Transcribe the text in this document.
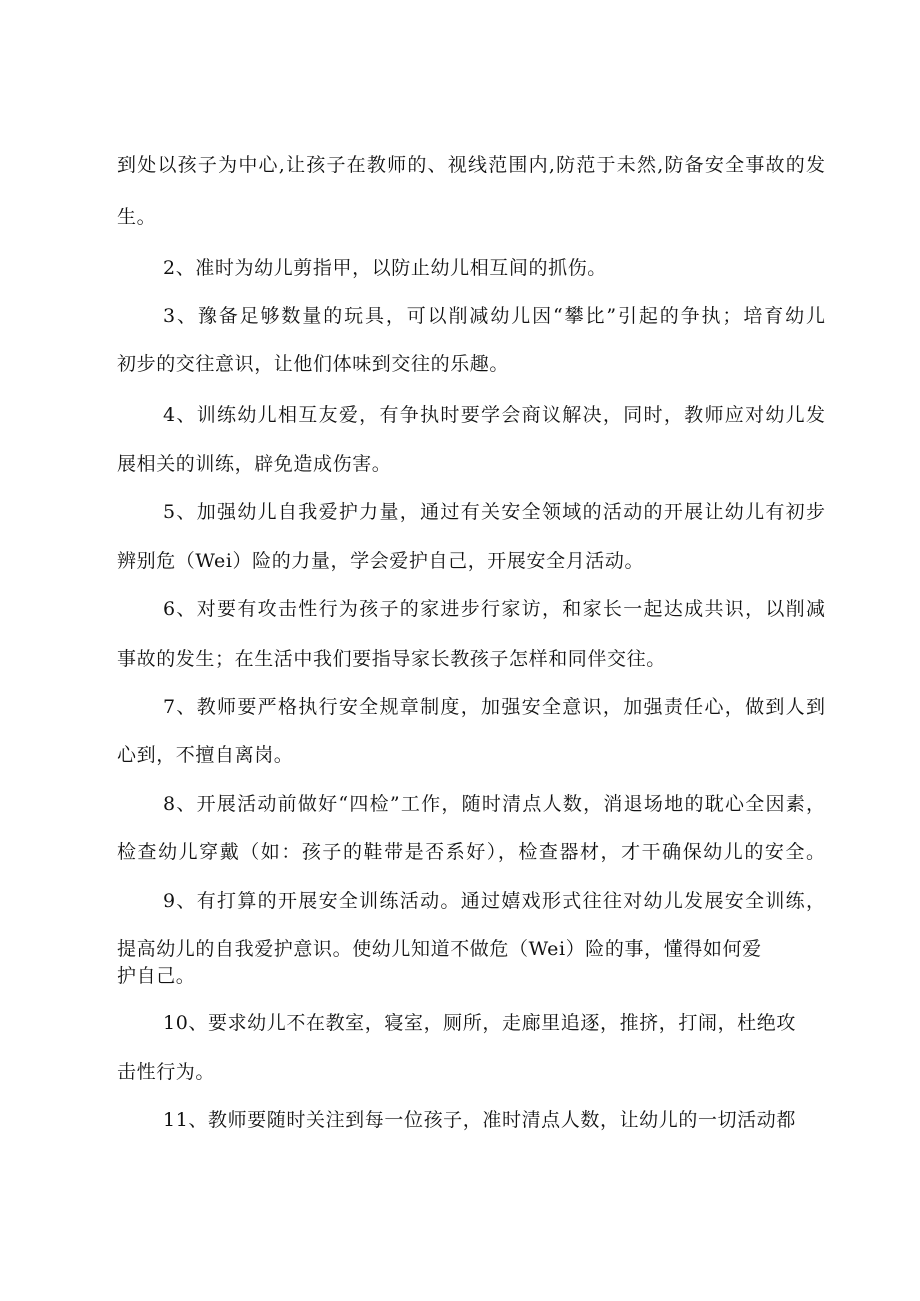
到处以孩子为中心,让孩子在教师的、视线范围内,防范于未然,防备安全事故的发
生。
2、准时为幼儿剪指甲，以防止幼儿相互间的抓伤。
3、豫备足够数量的玩具，可以削减幼儿因“攀比”引起的争执；培育幼儿
初步的交往意识，让他们体味到交往的乐趣。
4、训练幼儿相互友爱，有争执时要学会商议解决，同时，教师应对幼儿发
展相关的训练，辟免造成伤害。
5、加强幼儿自我爱护力量，通过有关安全领域的活动的开展让幼儿有初步
辨别危（Wei）险的力量，学会爱护自己，开展安全月活动。
6、对要有攻击性行为孩子的家进步行家访，和家长一起达成共识，以削减
事故的发生；在生活中我们要指导家长教孩子怎样和同伴交往。
7、教师要严格执行安全规章制度，加强安全意识，加强责任心，做到人到
心到，不擅自离岗。
8、开展活动前做好“四检”工作，随时清点人数，消退场地的耽心全因素，
检查幼儿穿戴（如：孩子的鞋带是否系好），检查器材，才干确保幼儿的安全。
9、有打算的开展安全训练活动。通过嬉戏形式往往对幼儿发展安全训练，
提高幼儿的自我爱护意识。使幼儿知道不做危（Wei）险的事，懂得如何爱
护自己。
10、要求幼儿不在教室，寝室，厕所，走廊里追逐，推挤，打闹，杜绝攻
击性行为。
11、教师要随时关注到每一位孩子，准时清点人数，让幼儿的一切活动都
